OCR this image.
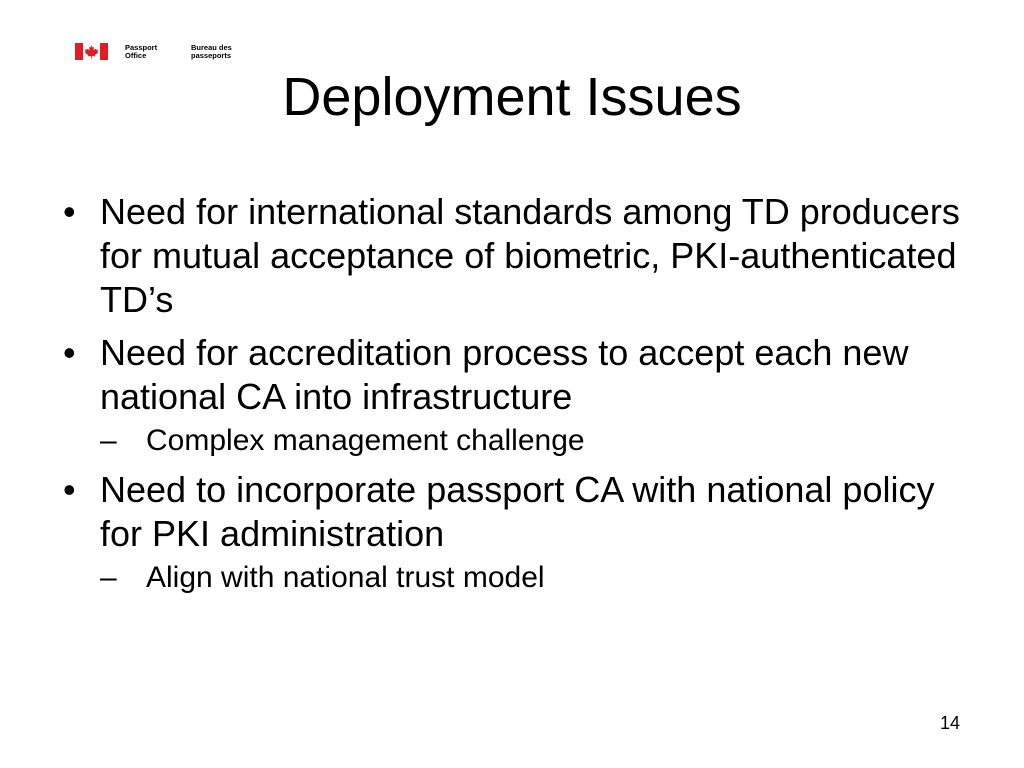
Passport
Office
Bureau des
passeports
Deployment Issues
• Need for international standards among TD producers for mutual acceptance of biometric, PKI-authenticated TD’s
• Need for accreditation process to accept each new national CA into infrastructure
– Complex management challenge
• Need to incorporate passport CA with national policy for PKI administration
– Align with national trust model
14
